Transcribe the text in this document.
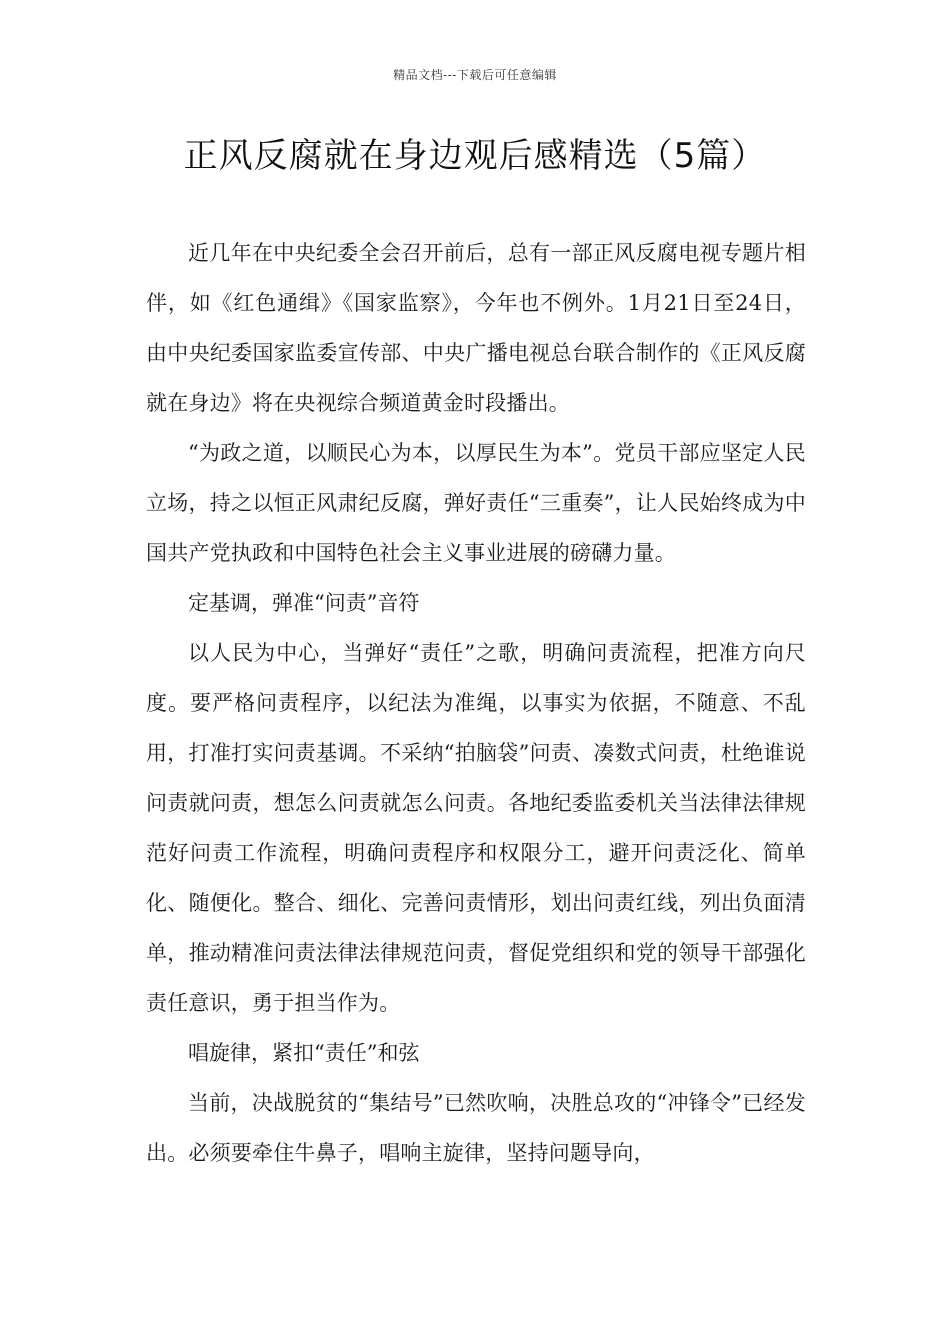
精品文档---下载后可任意编辑
正风反腐就在身边观后感精选（5篇）

近几年在中央纪委全会召开前后，总有一部正风反腐电视专题片相伴，如《红色通缉》《国家监察》，今年也不例外。1月21日至24日，由中央纪委国家监委宣传部、中央广播电视总台联合制作的《正风反腐就在身边》将在央视综合频道黄金时段播出。

“为政之道，以顺民心为本，以厚民生为本”。党员干部应坚定人民立场，持之以恒正风肃纪反腐，弹好责任“三重奏”，让人民始终成为中国共产党执政和中国特色社会主义事业进展的磅礴力量。

定基调，弹准“问责”音符

以人民为中心，当弹好“责任”之歌，明确问责流程，把准方向尺度。要严格问责程序，以纪法为准绳，以事实为依据，不随意、不乱用，打准打实问责基调。不采纳“拍脑袋”问责、凑数式问责，杜绝谁说问责就问责，想怎么问责就怎么问责。各地纪委监委机关当法律法律规范好问责工作流程，明确问责程序和权限分工，避开问责泛化、简单化、随便化。整合、细化、完善问责情形，划出问责红线，列出负面清单，推动精准问责法律法律规范问责，督促党组织和党的领导干部强化责任意识，勇于担当作为。

唱旋律，紧扣“责任”和弦

当前，决战脱贫的“集结号”已然吹响，决胜总攻的“冲锋令”已经发出。必须要牵住牛鼻子，唱响主旋律，坚持问题导向，
